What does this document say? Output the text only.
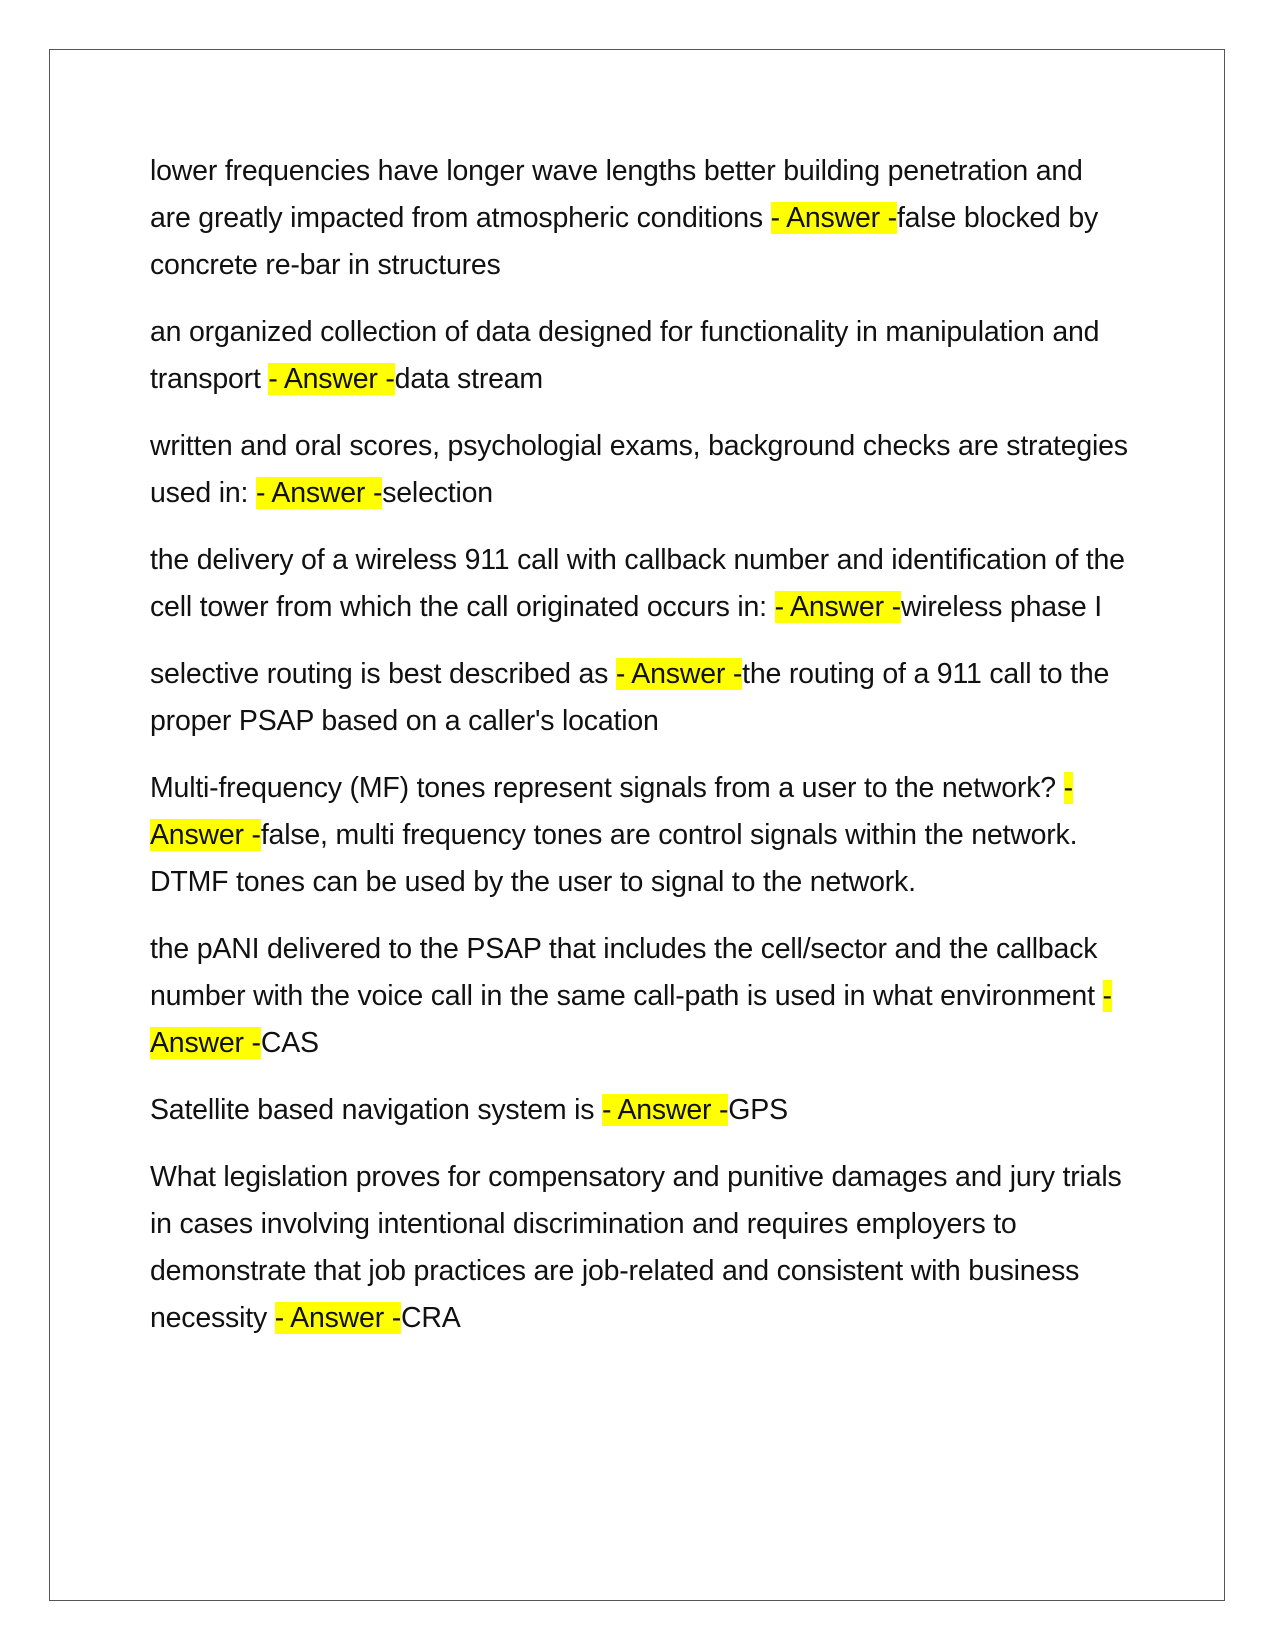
lower frequencies have longer wave lengths better building penetration and are greatly impacted from atmospheric conditions - Answer -false blocked by concrete re-bar in structures

an organized collection of data designed for functionality in manipulation and transport - Answer -data stream

written and oral scores, psychologial exams, background checks are strategies used in: - Answer -selection

the delivery of a wireless 911 call with callback number and identification of the cell tower from which the call originated occurs in: - Answer -wireless phase I

selective routing is best described as - Answer -the routing of a 911 call to the proper PSAP based on a caller's location

Multi-frequency (MF) tones represent signals from a user to the network? - Answer -false, multi frequency tones are control signals within the network. DTMF tones can be used by the user to signal to the network.

the pANI delivered to the PSAP that includes the cell/sector and the callback number with the voice call in the same call-path is used in what environment - Answer -CAS

Satellite based navigation system is - Answer -GPS

What legislation proves for compensatory and punitive damages and jury trials in cases involving intentional discrimination and requires employers to demonstrate that job practices are job-related and consistent with business necessity - Answer -CRA
